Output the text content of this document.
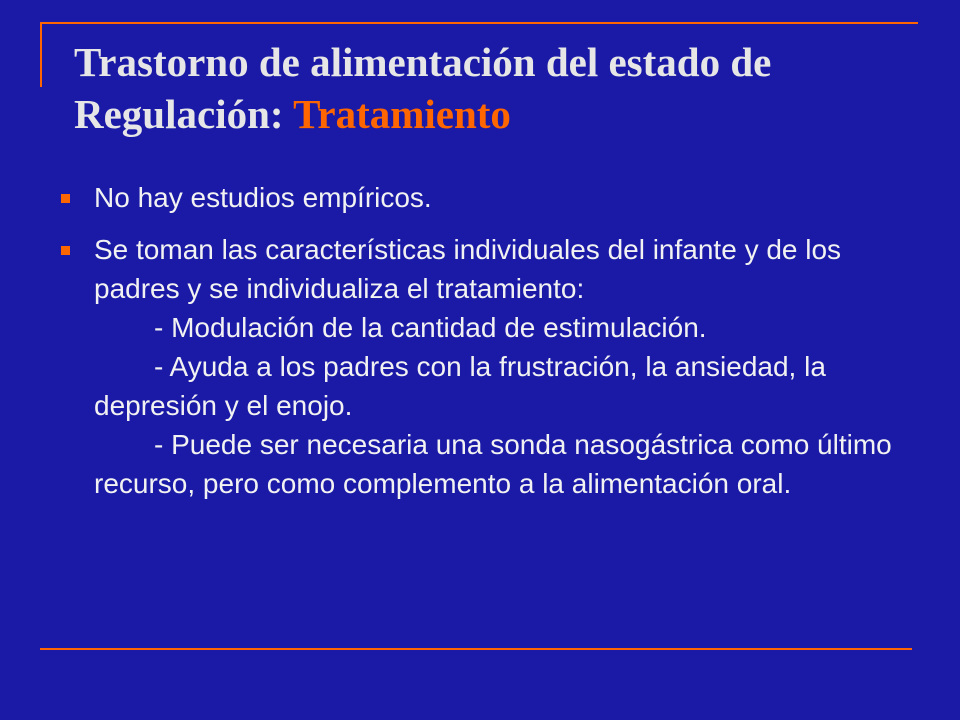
Trastorno de alimentación del estado de Regulación: Tratamiento
No hay estudios empíricos.
Se toman las características individuales del infante y de los padres y se individualiza el tratamiento:
- Modulación de la cantidad de estimulación.
- Ayuda a los padres con la frustración, la ansiedad, la depresión y el enojo.
- Puede ser necesaria una sonda nasogástrica como último recurso, pero como complemento a la alimentación oral.
